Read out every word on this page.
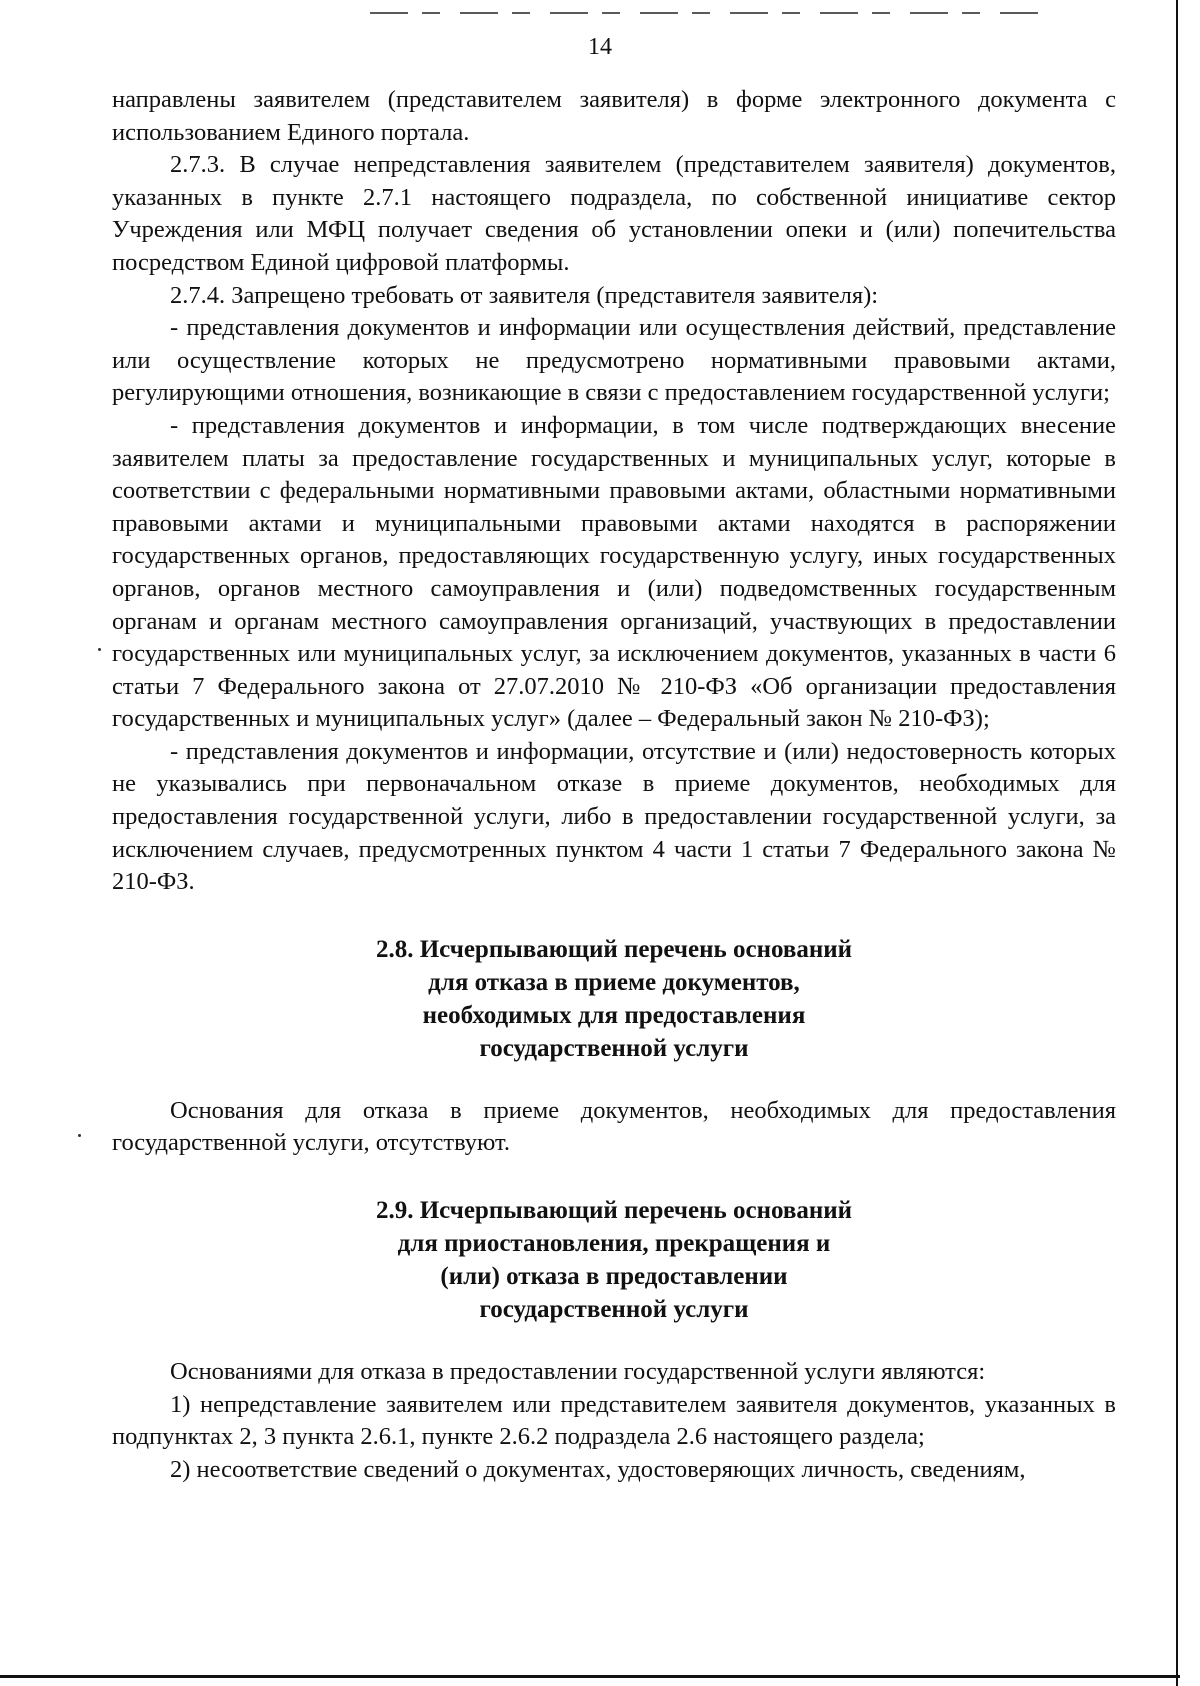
14

направлены заявителем (представителем заявителя) в форме электронного документа с использованием Единого портала.

2.7.3. В случае непредставления заявителем (представителем заявителя) документов, указанных в пункте 2.7.1 настоящего подраздела, по собственной инициативе сектор Учреждения или МФЦ получает сведения об установлении опеки и (или) попечительства посредством Единой цифровой платформы.

2.7.4. Запрещено требовать от заявителя (представителя заявителя):

- представления документов и информации или осуществления действий, представление или осуществление которых не предусмотрено нормативными правовыми актами, регулирующими отношения, возникающие в связи с предоставлением государственной услуги;

- представления документов и информации, в том числе подтверждающих внесение заявителем платы за предоставление государственных и муниципальных услуг, которые в соответствии с федеральными нормативными правовыми актами, областными нормативными правовыми актами и муниципальными правовыми актами находятся в распоряжении государственных органов, предоставляющих государственную услугу, иных государственных органов, органов местного самоуправления и (или) подведомственных государственным органам и органам местного самоуправления организаций, участвующих в предоставлении государственных или муниципальных услуг, за исключением документов, указанных в части 6 статьи 7 Федерального закона от 27.07.2010 № 210-ФЗ «Об организации предоставления государственных и муниципальных услуг» (далее – Федеральный закон № 210-ФЗ);

- представления документов и информации, отсутствие и (или) недостоверность которых не указывались при первоначальном отказе в приеме документов, необходимых для предоставления государственной услуги, либо в предоставлении государственной услуги, за исключением случаев, предусмотренных пунктом 4 части 1 статьи 7 Федерального закона № 210-ФЗ.

2.8. Исчерпывающий перечень оснований

для отказа в приеме документов,

необходимых для предоставления

государственной услуги

Основания для отказа в приеме документов, необходимых для предоставления государственной услуги, отсутствуют.

2.9. Исчерпывающий перечень оснований

для приостановления, прекращения и

(или) отказа в предоставлении

государственной услуги

Основаниями для отказа в предоставлении государственной услуги являются:

1) непредставление заявителем или представителем заявителя документов, указанных в подпунктах 2, 3 пункта 2.6.1, пункте 2.6.2 подраздела 2.6 настоящего раздела;

2) несоответствие сведений о документах, удостоверяющих личность, сведениям,
